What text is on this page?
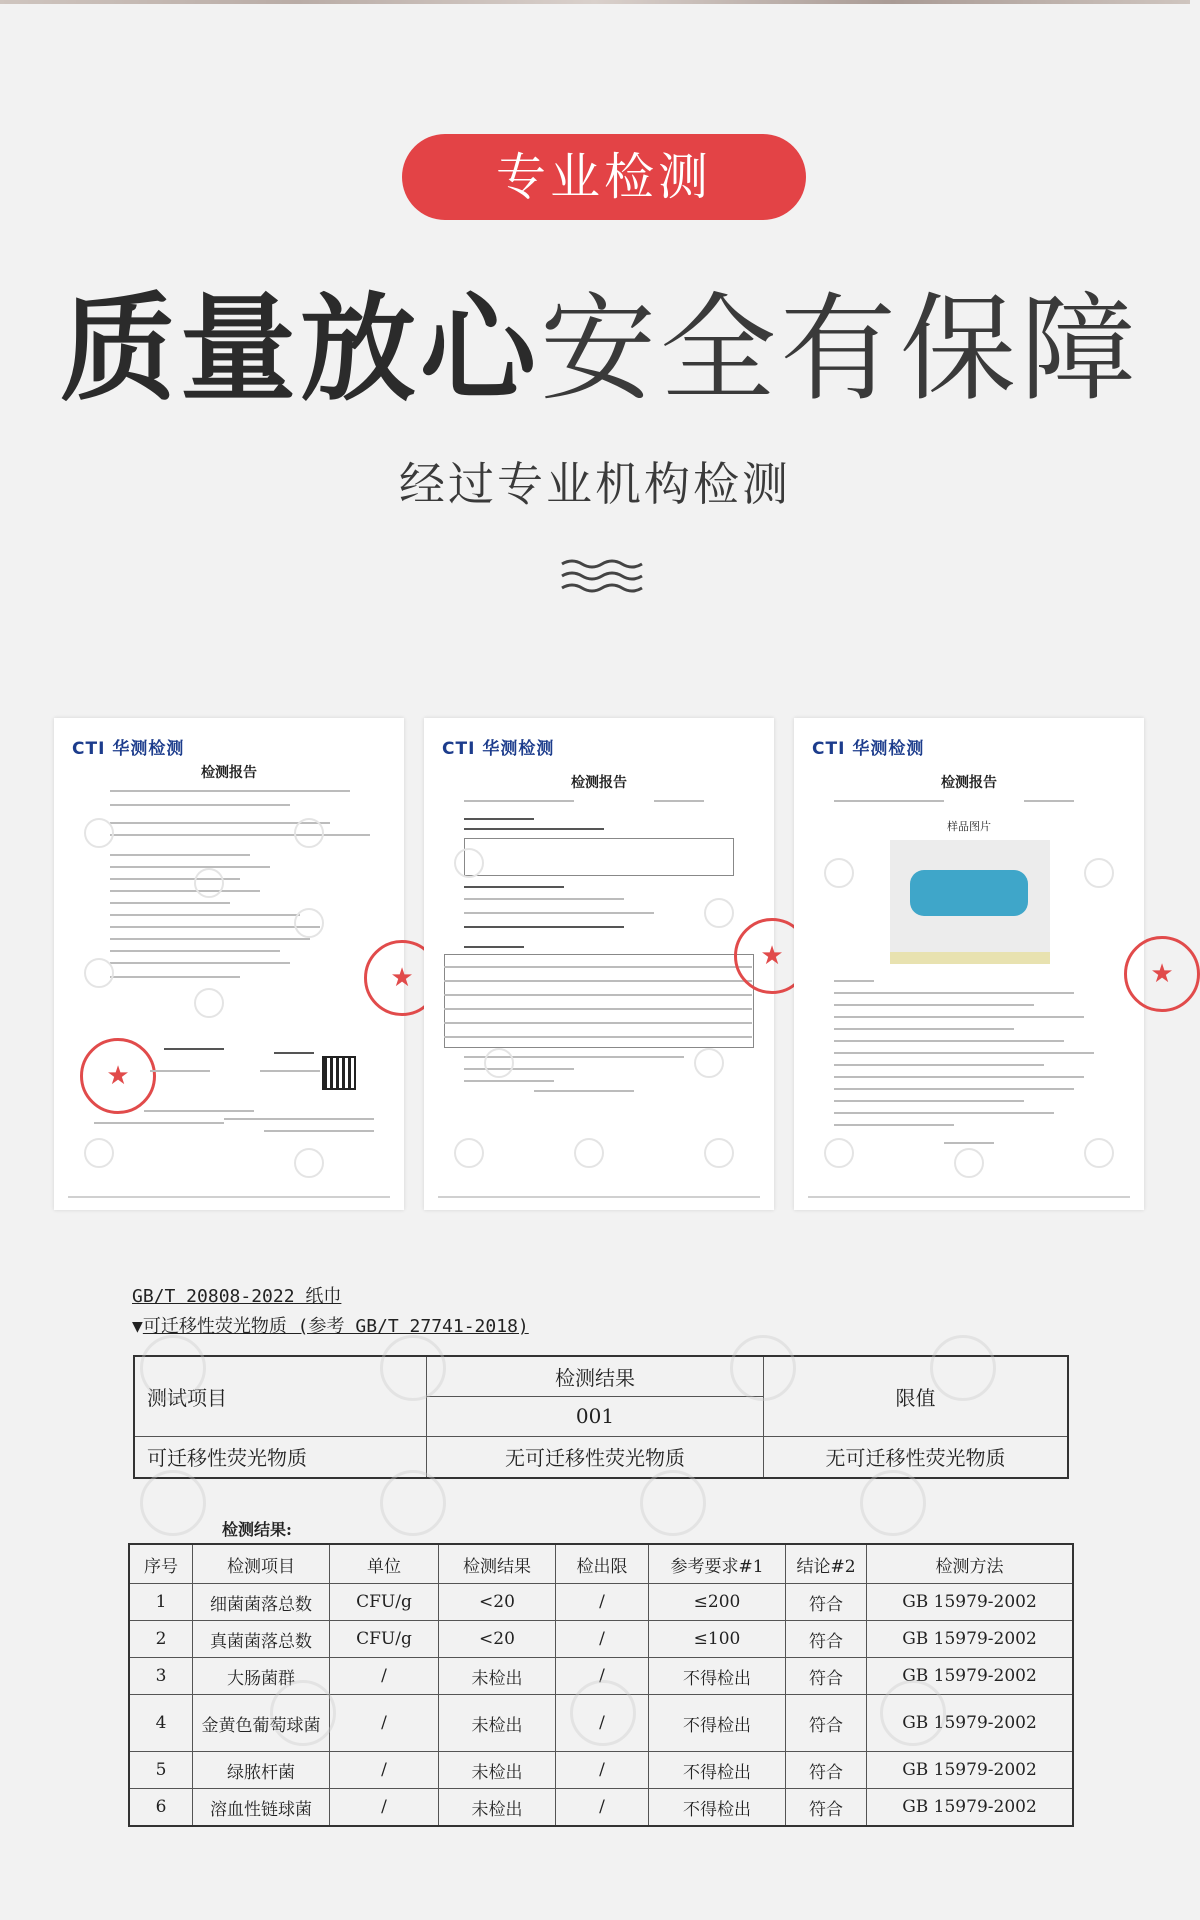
专业检测
质量放心安全有保障
经过专业机构检测
CTI 华测检测
检测报告
★
★
CTI 华测检测
检测报告
★
CTI 华测检测
检测报告
样品图片
★
GB/T 20808-2022 纸巾
▼可迁移性荧光物质 (参考 GB/T 27741-2018)
测试项目	检测结果	限值
	001	
可迁移性荧光物质	无可迁移性荧光物质	无可迁移性荧光物质
检测结果:
序号	检测项目	单位	检测结果	检出限	参考要求#1	结论#2	检测方法
1	细菌菌落总数	CFU/g	<20	/	≤200	符合	GB 15979-2002
2	真菌菌落总数	CFU/g	<20	/	≤100	符合	GB 15979-2002
3	大肠菌群	/	未检出	/	不得检出	符合	GB 15979-2002
4	金黄色葡萄球菌	/	未检出	/	不得检出	符合	GB 15979-2002
5	绿脓杆菌	/	未检出	/	不得检出	符合	GB 15979-2002
6	溶血性链球菌	/	未检出	/	不得检出	符合	GB 15979-2002
